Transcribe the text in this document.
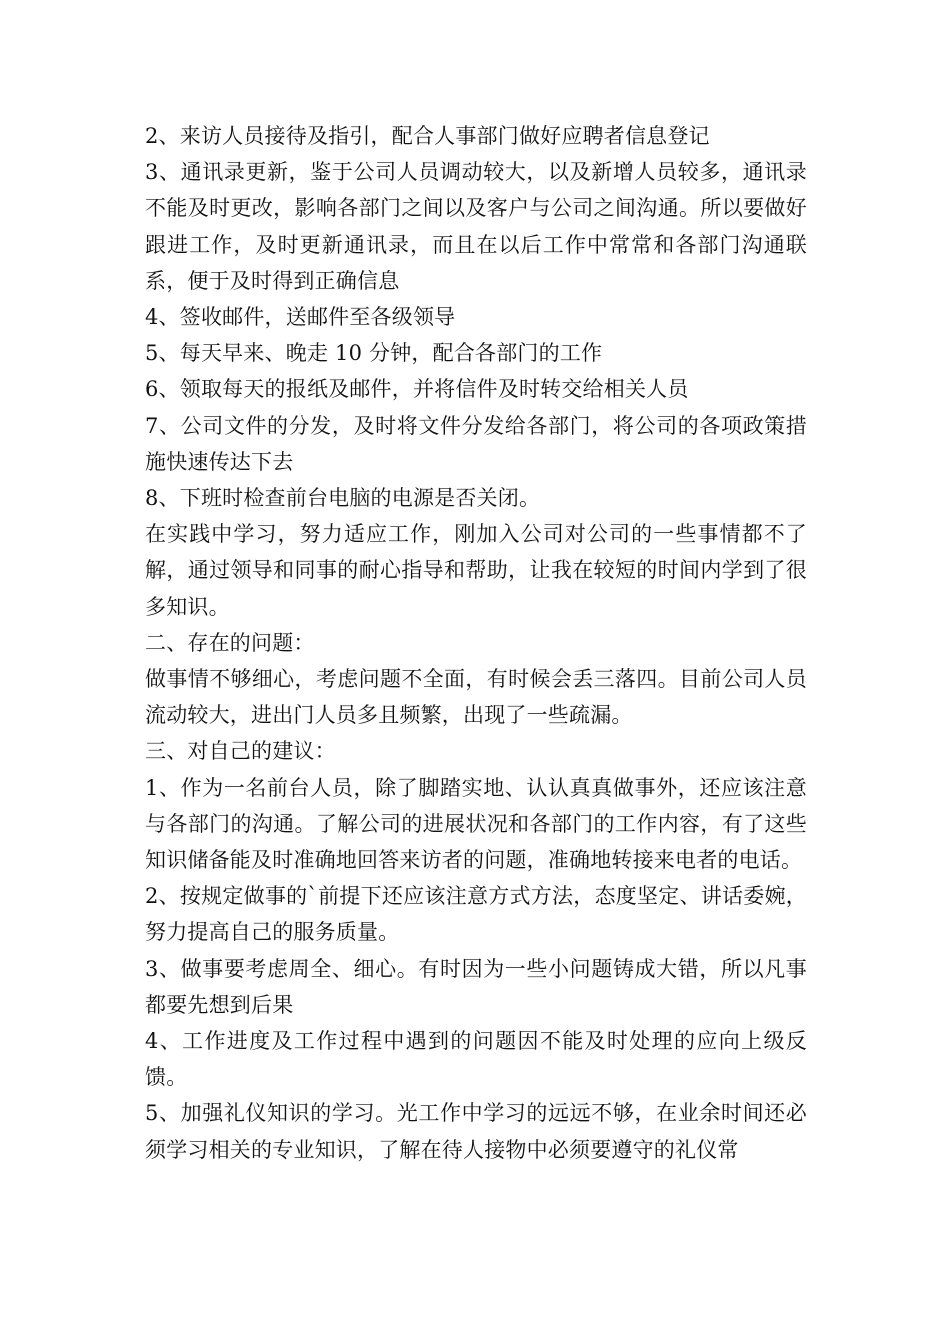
2、来访人员接待及指引，配合人事部门做好应聘者信息登记

3、通讯录更新，鉴于公司人员调动较大，以及新增人员较多，通讯录不能及时更改，影响各部门之间以及客户与公司之间沟通。所以要做好跟进工作，及时更新通讯录，而且在以后工作中常常和各部门沟通联系，便于及时得到正确信息

4、签收邮件，送邮件至各级领导

5、每天早来、晚走 10 分钟，配合各部门的工作

6、领取每天的报纸及邮件，并将信件及时转交给相关人员

7、公司文件的分发，及时将文件分发给各部门，将公司的各项政策措施快速传达下去

8、下班时检查前台电脑的电源是否关闭。

在实践中学习，努力适应工作，刚加入公司对公司的一些事情都不了解，通过领导和同事的耐心指导和帮助，让我在较短的时间内学到了很多知识。

二、存在的问题：

做事情不够细心，考虑问题不全面，有时候会丢三落四。目前公司人员流动较大，进出门人员多且频繁，出现了一些疏漏。

三、对自己的建议：

1、作为一名前台人员，除了脚踏实地、认认真真做事外，还应该注意与各部门的沟通。了解公司的进展状况和各部门的工作内容，有了这些知识储备能及时准确地回答来访者的问题，准确地转接来电者的电话。

2、按规定做事的`前提下还应该注意方式方法，态度坚定、讲话委婉，努力提高自己的服务质量。

3、做事要考虑周全、细心。有时因为一些小问题铸成大错，所以凡事都要先想到后果

4、工作进度及工作过程中遇到的问题因不能及时处理的应向上级反馈。

5、加强礼仪知识的学习。光工作中学习的远远不够，在业余时间还必须学习相关的专业知识，了解在待人接物中必须要遵守的礼仪常
